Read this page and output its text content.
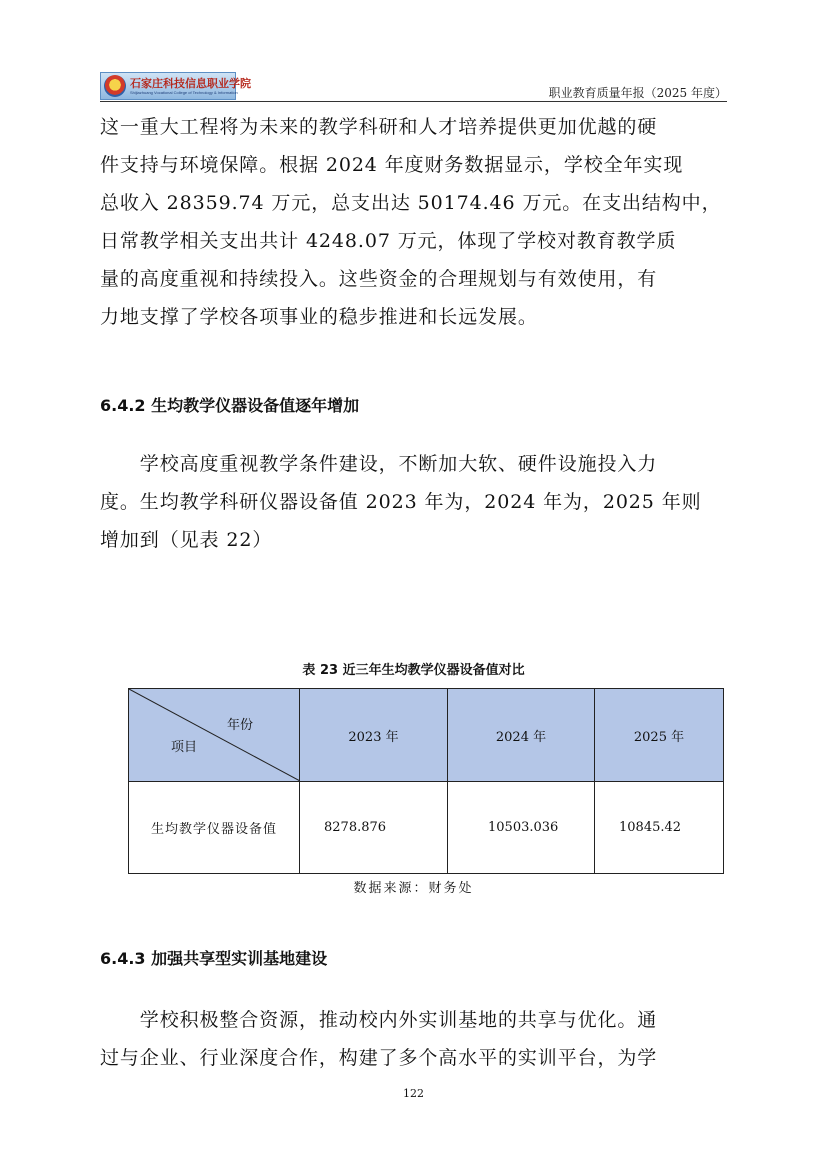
石家庄科技信息职业学院
Shijiazhuang Vocational College of Technology & Information	职业教育质量年报（2025 年度）

这一重大工程将为未来的教学科研和人才培养提供更加优越的硬
件支持与环境保障。根据 2024 年度财务数据显示，学校全年实现
总收入 28359.74 万元，总支出达 50174.46 万元。在支出结构中，
日常教学相关支出共计 4248.07 万元，体现了学校对教育教学质
量的高度重视和持续投入。这些资金的合理规划与有效使用，有
力地支撑了学校各项事业的稳步推进和长远发展。

6.4.2 生均教学仪器设备值逐年增加

　　学校高度重视教学条件建设，不断加大软、硬件设施投入力
度。生均教学科研仪器设备值 2023 年为，2024 年为，2025 年则
增加到（见表 22）

表 23 近三年生均教学仪器设备值对比
年份
项目	2023 年	2024 年	2025 年
生均教学仪器设备值	8278.876	10503.036	10845.42
数据来源：财务处
6.4.3 加强共享型实训基地建设

　　学校积极整合资源，推动校内外实训基地的共享与优化。通
过与企业、行业深度合作，构建了多个高水平的实训平台，为学

122
